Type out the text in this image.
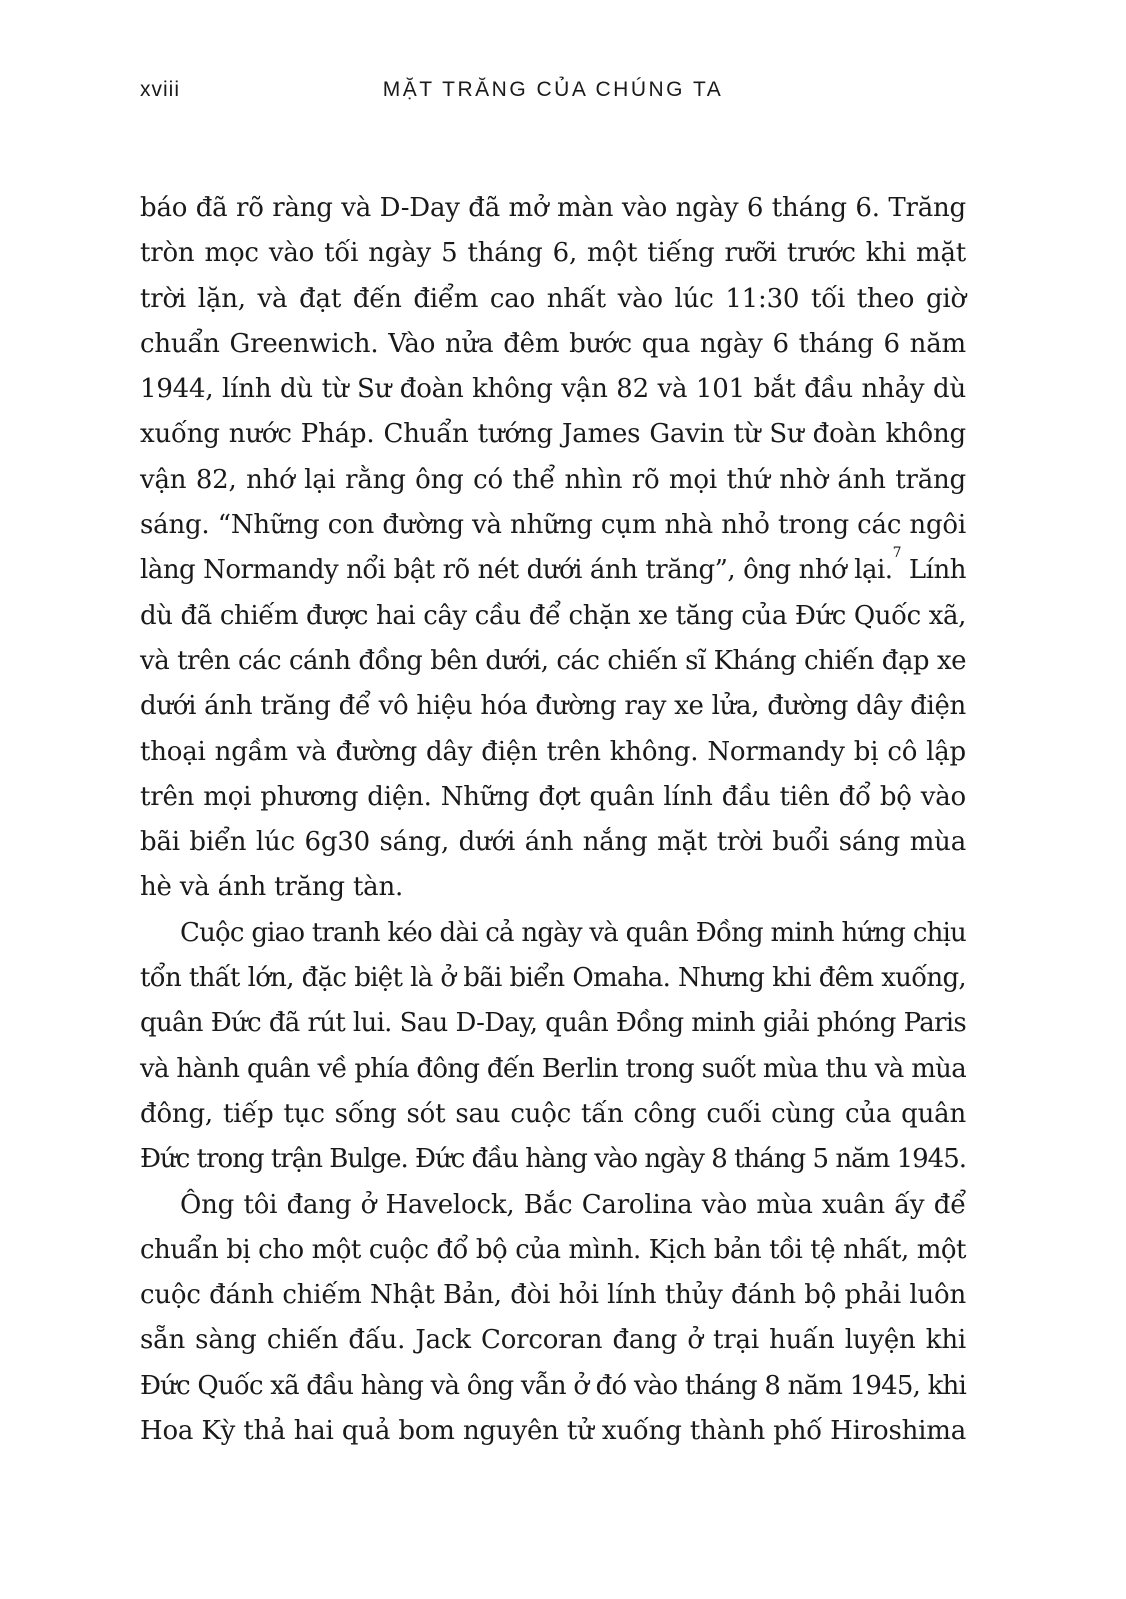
xviii	MẶT TRĂNG CỦA CHÚNG TA
báo đã rõ ràng và D-Day đã mở màn vào ngày 6 tháng 6. Trăng
tròn mọc vào tối ngày 5 tháng 6, một tiếng rưỡi trước khi mặt
trời lặn, và đạt đến điểm cao nhất vào lúc 11:30 tối theo giờ
chuẩn Greenwich. Vào nửa đêm bước qua ngày 6 tháng 6 năm
1944, lính dù từ Sư đoàn không vận 82 và 101 bắt đầu nhảy dù
xuống nước Pháp. Chuẩn tướng James Gavin từ Sư đoàn không
vận 82, nhớ lại rằng ông có thể nhìn rõ mọi thứ nhờ ánh trăng
sáng. “Những con đường và những cụm nhà nhỏ trong các ngôi
làng Normandy nổi bật rõ nét dưới ánh trăng”, ông nhớ lại.$^7$ Lính
dù đã chiếm được hai cây cầu để chặn xe tăng của Đức Quốc xã,
và trên các cánh đồng bên dưới, các chiến sĩ Kháng chiến đạp xe
dưới ánh trăng để vô hiệu hóa đường ray xe lửa, đường dây điện
thoại ngầm và đường dây điện trên không. Normandy bị cô lập
trên mọi phương diện. Những đợt quân lính đầu tiên đổ bộ vào
bãi biển lúc 6g30 sáng, dưới ánh nắng mặt trời buổi sáng mùa
hè và ánh trăng tàn.
Cuộc giao tranh kéo dài cả ngày và quân Đồng minh hứng chịu
tổn thất lớn, đặc biệt là ở bãi biển Omaha. Nhưng khi đêm xuống,
quân Đức đã rút lui. Sau D-Day, quân Đồng minh giải phóng Paris
và hành quân về phía đông đến Berlin trong suốt mùa thu và mùa
đông, tiếp tục sống sót sau cuộc tấn công cuối cùng của quân
Đức trong trận Bulge. Đức đầu hàng vào ngày 8 tháng 5 năm 1945.
Ông tôi đang ở Havelock, Bắc Carolina vào mùa xuân ấy để
chuẩn bị cho một cuộc đổ bộ của mình. Kịch bản tồi tệ nhất, một
cuộc đánh chiếm Nhật Bản, đòi hỏi lính thủy đánh bộ phải luôn
sẵn sàng chiến đấu. Jack Corcoran đang ở trại huấn luyện khi
Đức Quốc xã đầu hàng và ông vẫn ở đó vào tháng 8 năm 1945, khi
Hoa Kỳ thả hai quả bom nguyên tử xuống thành phố Hiroshima
